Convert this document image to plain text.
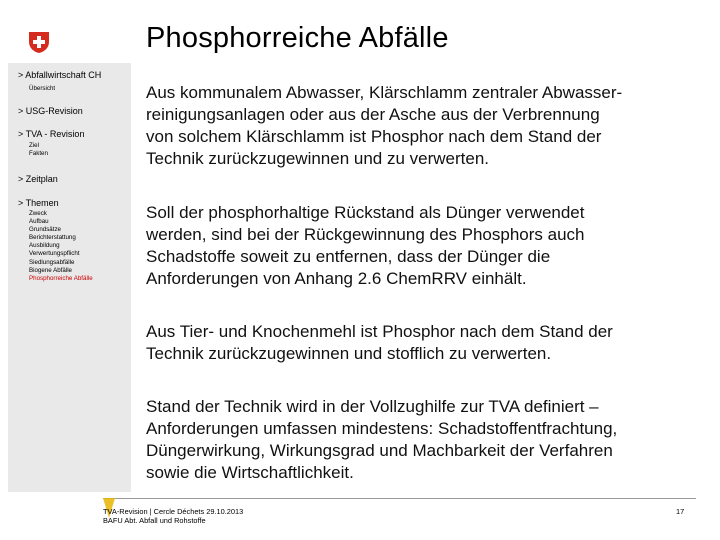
Phosphorreiche Abfälle
> Abfallwirtschaft CH
Übersicht
> USG-Revision
> TVA - Revision
Ziel
Fakten
> Zeitplan
> Themen
Zweck
Aufbau
Grundsätze
Berichterstattung
Ausbildung
Verwertungspflicht
Siedlungsabfälle
Biogene Abfälle
Phosphorreiche Abfälle
Aus kommunalem Abwasser, Klärschlamm zentraler Abwasser-
reinigungsanlagen oder aus der Asche aus der Verbrennung
von solchem Klärschlamm ist Phosphor nach dem Stand der
Technik zurückzugewinnen und zu verwerten.
Soll der phosphorhaltige Rückstand als Dünger verwendet
werden, sind bei der Rückgewinnung des Phosphors auch
Schadstoffe soweit zu entfernen, dass der Dünger die
Anforderungen von Anhang 2.6 ChemRRV einhält.
Aus Tier- und Knochenmehl ist Phosphor nach dem Stand der
Technik zurückzugewinnen und stofflich zu verwerten.
Stand der Technik wird in der Vollzughilfe zur TVA definiert –
Anforderungen umfassen mindestens: Schadstoffentfrachtung,
Düngerwirkung, Wirkungsgrad und Machbarkeit der Verfahren
sowie die Wirtschaftlichkeit.
TVA-Revision | Cercle Déchets 29.10.2013
BAFU Abt. Abfall und Rohstoffe
17
